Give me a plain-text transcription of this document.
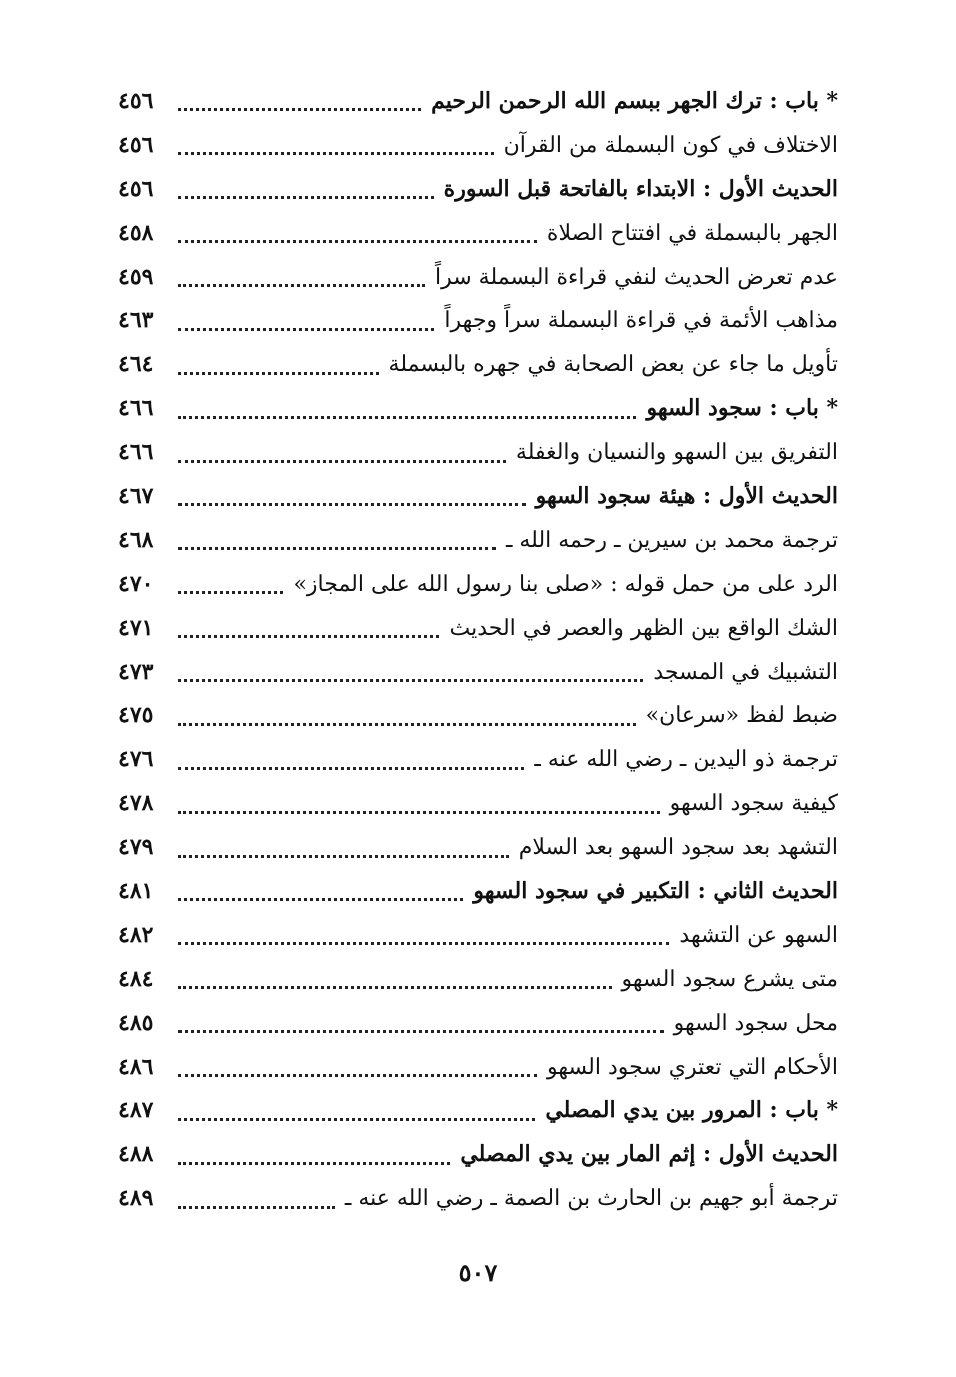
* باب : ترك الجهر ببسم الله الرحمن الرحيم
٤٥٦
الاختلاف في كون البسملة من القرآن
٤٥٦
الحديث الأول : الابتداء بالفاتحة قبل السورة
٤٥٦
الجهر بالبسملة في افتتاح الصلاة
٤٥٨
عدم تعرض الحديث لنفي قراءة البسملة سراً
٤٥٩
مذاهب الأئمة في قراءة البسملة سراً وجهراً
٤٦٣
تأويل ما جاء عن بعض الصحابة في جهره بالبسملة
٤٦٤
* باب : سجود السهو
٤٦٦
التفريق بين السهو والنسيان والغفلة
٤٦٦
الحديث الأول : هيئة سجود السهو
٤٦٧
ترجمة محمد بن سيرين ـ رحمه الله ـ
٤٦٨
الرد على من حمل قوله : «صلى بنا رسول الله على المجاز»
٤٧٠
الشك الواقع بين الظهر والعصر في الحديث
٤٧١
التشبيك في المسجد
٤٧٣
ضبط لفظ «سرعان»
٤٧٥
ترجمة ذو اليدين ـ رضي الله عنه ـ
٤٧٦
كيفية سجود السهو
٤٧٨
التشهد بعد سجود السهو بعد السلام
٤٧٩
الحديث الثاني : التكبير في سجود السهو
٤٨١
السهو عن التشهد
٤٨٢
متى يشرع سجود السهو
٤٨٤
محل سجود السهو
٤٨٥
الأحكام التي تعتري سجود السهو
٤٨٦
* باب : المرور بين يدي المصلي
٤٨٧
الحديث الأول : إثم المار بين يدي المصلي
٤٨٨
ترجمة أبو جهيم بن الحارث بن الصمة ـ رضي الله عنه ـ
٤٨٩
٥٠٧
